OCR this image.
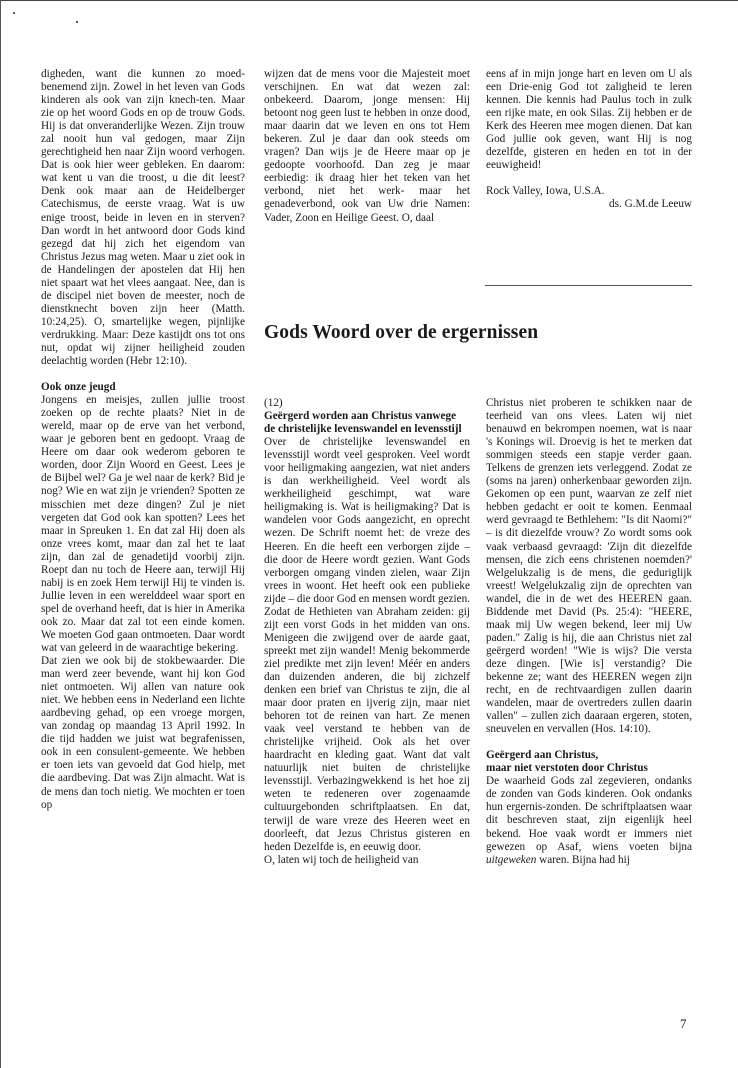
digheden, want die kunnen zo moed-benemend zijn. Zowel in het leven van Gods kinderen als ook van zijn knech-ten. Maar zie op het woord Gods en op de trouw Gods. Hij is dat onveranderlijke Wezen. Zijn trouw zal nooit hun val gedogen, maar Zijn gerechtigheid hen naar Zijn woord verhogen. Dat is ook hier weer gebleken. En daarom: wat kent u van die troost, u die dit leest? Denk ook maar aan de Heidelberger Catechismus, de eerste vraag. Wat is uw enige troost, beide in leven en in sterven? Dan wordt in het antwoord door Gods kind gezegd dat hij zich het eigendom van Christus Jezus mag weten. Maar u ziet ook in de Handelingen der apostelen dat Hij hen niet spaart wat het vlees aangaat. Nee, dan is de discipel niet boven de meester, noch de dienstknecht boven zijn heer (Matth. 10:24,25). O, smartelijke wegen, pijnlijke verdrukking. Maar: Deze kastijdt ons tot ons nut, opdat wij zijner heiligheid zouden deelachtig worden (Hebr 12:10).

Ook onze jeugd

Jongens en meisjes, zullen jullie troost zoeken op de rechte plaats? Niet in de wereld, maar op de erve van het verbond, waar je geboren bent en gedoopt. Vraag de Heere om daar ook wederom geboren te worden, door Zijn Woord en Geest. Lees je de Bijbel wel? Ga je wel naar de kerk? Bid je nog? Wie en wat zijn je vrienden? Spotten ze misschien met deze dingen? Zul je niet vergeten dat God ook kan spotten? Lees het maar in Spreuken 1. En dat zal Hij doen als onze vrees komt, maar dan zal het te laat zijn, dan zal de genadetijd voorbij zijn. Roept dan nu toch de Heere aan, terwijl Hij nabij is en zoek Hem terwijl Hij te vinden is. Jullie leven in een werelddeel waar sport en spel de overhand heeft, dat is hier in Amerika ook zo. Maar dat zal tot een einde komen. We moeten God gaan ontmoeten. Daar wordt wat van geleerd in de waarachtige bekering.

Dat zien we ook bij de stokbewaarder. Die man werd zeer bevende, want hij kon God niet ontmoeten. Wij allen van nature ook niet. We hebben eens in Nederland een lichte aardbeving gehad, op een vroege morgen, van zondag op maandag 13 April 1992. In die tijd hadden we juist wat begrafenissen, ook in een consulent-gemeente. We hebben er toen iets van gevoeld dat God hielp, met die aardbeving. Dat was Zijn almacht. Wat is de mens dan toch nietig. We mochten er toen op

wijzen dat de mens voor die Majesteit moet verschijnen. En wat dat wezen zal: onbekeerd. Daarom, jonge mensen: Hij betoont nog geen lust te hebben in onze dood, maar daarin dat we leven en ons tot Hem bekeren. Zul je daar dan ook steeds om vragen? Dan wijs je de Heere maar op je gedoopte voorhoofd. Dan zeg je maar eerbiedig: ik draag hier het teken van het verbond, niet het werk- maar het genadeverbond, ook van Uw drie Namen: Vader, Zoon en Heilige Geest. O, daal

eens af in mijn jonge hart en leven om U als een Drie-enig God tot zaligheid te leren kennen. Die kennis had Paulus toch in zulk een rijke mate, en ook Silas. Zij hebben er de Kerk des Heeren mee mogen dienen. Dat kan God jullie ook geven, want Hij is nog dezelfde, gisteren en heden en tot in der eeuwigheid!

Rock Valley, Iowa, U.S.A.

ds. G.M.de Leeuw

Gods Woord over de ergernissen

(12)

Geërgerd worden aan Christus vanwege de christelijke levenswandel en levensstijl

Over de christelijke levenswandel en levensstijl wordt veel gesproken. Veel wordt voor heiligmaking aangezien, wat niet anders is dan werkheiligheid. Veel wordt als werkheiligheid geschimpt, wat ware heiligmaking is. Wat is heiligmaking? Dat is wandelen voor Gods aangezicht, en oprecht wezen. De Schrift noemt het: de vreze des Heeren. En die heeft een verborgen zijde – die door de Heere wordt gezien. Want Gods verborgen omgang vinden zielen, waar Zijn vrees in woont. Het heeft ook een publieke zijde – die door God en mensen wordt gezien. Zodat de Hethieten van Abraham zeiden: gij zijt een vorst Gods in het midden van ons. Menigeen die zwijgend over de aarde gaat, spreekt met zijn wandel! Menig bekommerde ziel predikte met zijn leven! Méér en anders dan duizenden anderen, die bij zichzelf denken een brief van Christus te zijn, die al maar door praten en ijverig zijn, maar niet behoren tot de reinen van hart. Ze menen vaak veel verstand te hebben van de christelijke vrijheid. Ook als het over haardracht en kleding gaat. Want dat valt natuurlijk niet buiten de christelijke levensstijl. Verbazingwekkend is het hoe zij weten te redeneren over zogenaamde cultuurgebonden schriftplaatsen. En dat, terwijl de ware vreze des Heeren weet en doorleeft, dat Jezus Christus gisteren en heden Dezelfde is, en eeuwig door.

O, laten wij toch de heiligheid van

Christus niet proberen te schikken naar de teerheid van ons vlees. Laten wij niet benauwd en bekrompen noemen, wat is naar 's Konings wil. Droevig is het te merken dat sommigen steeds een stapje verder gaan. Telkens de grenzen iets verleggend. Zodat ze (soms na jaren) onherkenbaar geworden zijn. Gekomen op een punt, waarvan ze zelf niet hebben gedacht er ooit te komen. Eenmaal werd gevraagd te Bethlehem: "Is dit Naomi?" – is dit diezelfde vrouw? Zo wordt soms ook vaak verbaasd gevraagd: 'Zijn dit diezelfde mensen, die zich eens christenen noemden?' Welgelukzalig is de mens, die geduriglijk vreest! Welgelukzalig zijn de oprechten van wandel, die in de wet des HEEREN gaan. Biddende met David (Ps. 25:4): "HEERE, maak mij Uw wegen bekend, leer mij Uw paden." Zalig is hij, die aan Christus niet zal geërgerd worden! "Wie is wijs? Die versta deze dingen. [Wie is] verstandig? Die bekenne ze; want des HEEREN wegen zijn recht, en de rechtvaardigen zullen daarin wandelen, maar de overtreders zullen daarin vallen" – zullen zich daaraan ergeren, stoten, sneuvelen en vervallen (Hos. 14:10).

Geërgerd aan Christus,

maar niet verstoten door Christus

De waarheid Gods zal zegevieren, ondanks de zonden van Gods kinderen. Ook ondanks hun ergernis-zonden. De schriftplaatsen waar dit beschreven staat, zijn eigenlijk heel bekend. Hoe vaak wordt er immers niet gewezen op Asaf, wiens voeten bijna uitgeweken waren. Bijna had hij

7
